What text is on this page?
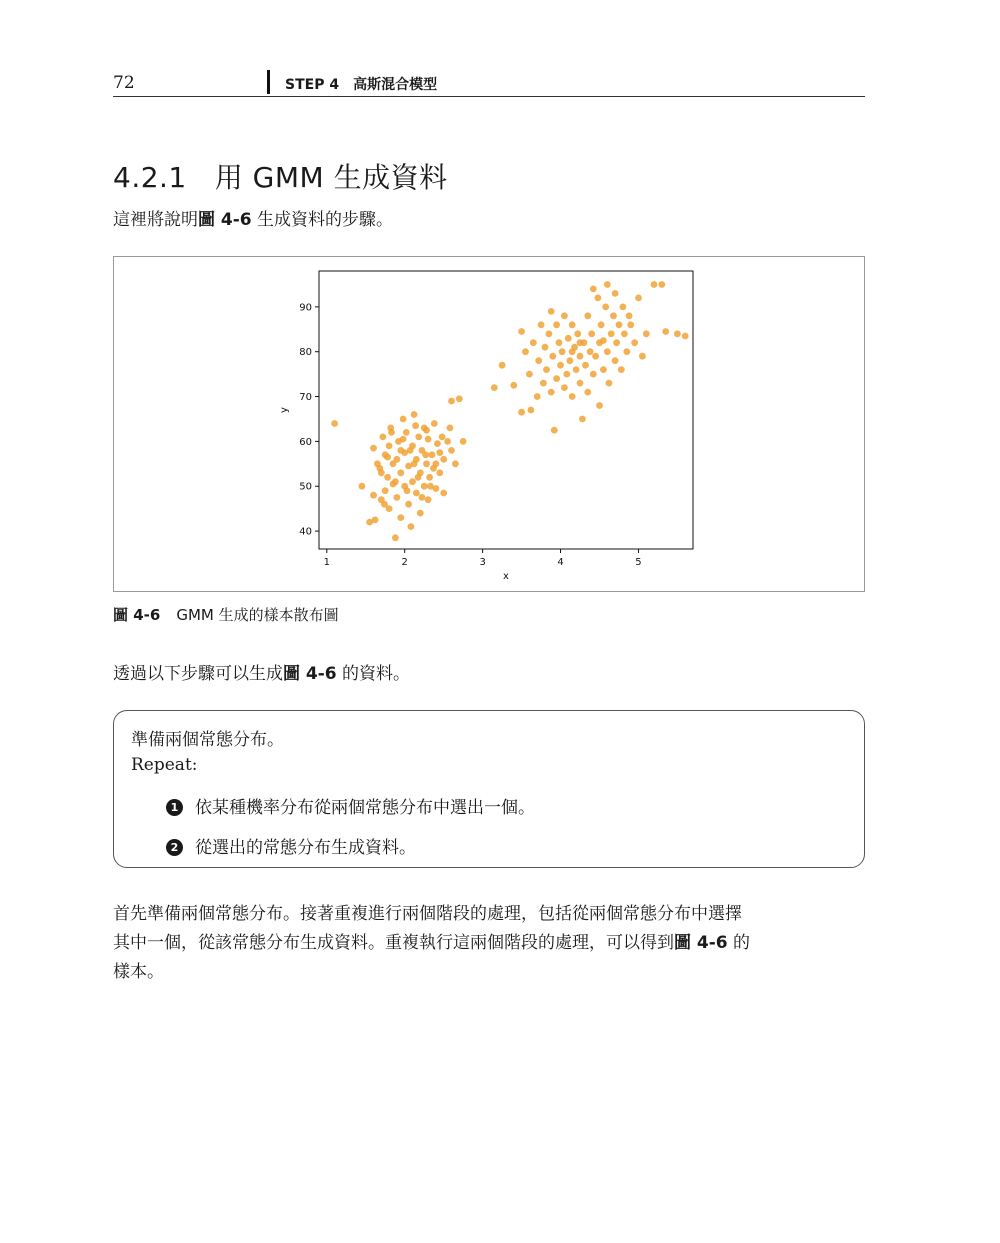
72	STEP 4　高斯混合模型
4.2.1 用 GMM 生成資料
這裡將說明圖 4-6 生成資料的步驟。
1	2	3	4	5
40
50
60
70
80
90
x
y
圖 4-6 GMM 生成的樣本散布圖
透過以下步驟可以生成圖 4-6 的資料。
準備兩個常態分布。
Repeat:
1 依某種機率分布從兩個常態分布中選出一個。
2 從選出的常態分布生成資料。
首先準備兩個常態分布。接著重複進行兩個階段的處理，包括從兩個常態分布中選擇
其中一個，從該常態分布生成資料。重複執行這兩個階段的處理，可以得到圖 4-6 的
樣本。
